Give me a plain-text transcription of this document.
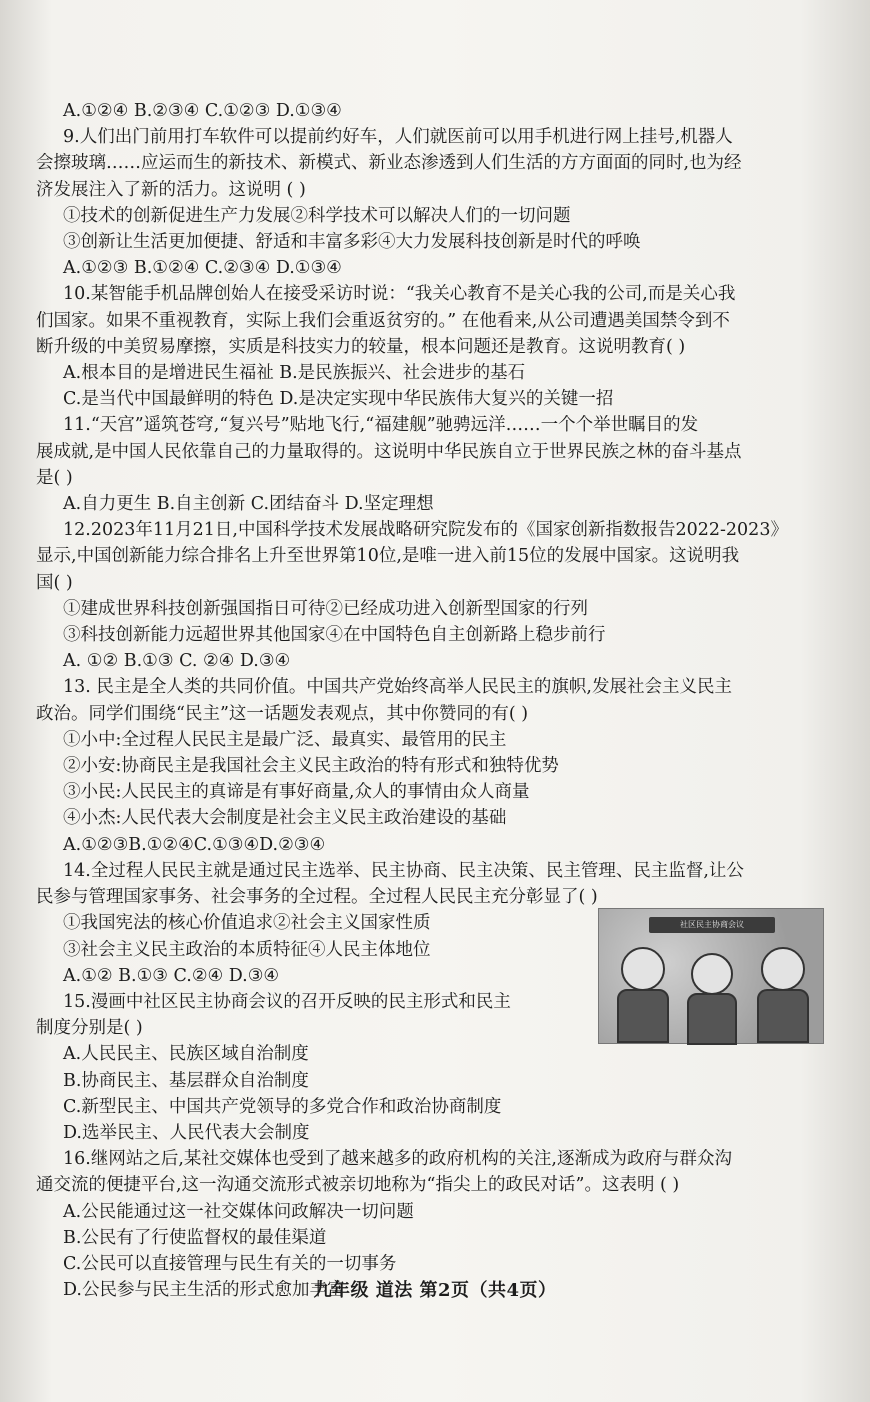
A.①②④ B.②③④ C.①②③ D.①③④
9.人们出门前用打车软件可以提前约好车，人们就医前可以用手机进行网上挂号,机器人
会擦玻璃……应运而生的新技术、新模式、新业态渗透到人们生活的方方面面的同时,也为经
济发展注入了新的活力。这说明 ( )
①技术的创新促进生产力发展②科学技术可以解决人们的一切问题
③创新让生活更加便捷、舒适和丰富多彩④大力发展科技创新是时代的呼唤
A.①②③ B.①②④ C.②③④ D.①③④
10.某智能手机品牌创始人在接受采访时说：“我关心教育不是关心我的公司,而是关心我
们国家。如果不重视教育，实际上我们会重返贫穷的。” 在他看来,从公司遭遇美国禁令到不
断升级的中美贸易摩擦，实质是科技实力的较量，根本问题还是教育。这说明教育( )
A.根本目的是增进民生福祉 B.是民族振兴、社会进步的基石
C.是当代中国最鲜明的特色 D.是决定实现中华民族伟大复兴的关键一招
11.“天宫”遥筑苍穹,“复兴号”贴地飞行,“福建舰”驰骋远洋……一个个举世瞩目的发
展成就,是中国人民依靠自己的力量取得的。这说明中华民族自立于世界民族之林的奋斗基点
是( )
A.自力更生 B.自主创新 C.团结奋斗 D.坚定理想
12.2023年11月21日,中国科学技术发展战略研究院发布的《国家创新指数报告2022-2023》
显示,中国创新能力综合排名上升至世界第10位,是唯一进入前15位的发展中国家。这说明我
国( )
①建成世界科技创新强国指日可待②已经成功进入创新型国家的行列
③科技创新能力远超世界其他国家④在中国特色自主创新路上稳步前行
A. ①② B.①③ C. ②④ D.③④
13. 民主是全人类的共同价值。中国共产党始终高举人民民主的旗帜,发展社会主义民主
政治。同学们围绕“民主”这一话题发表观点，其中你赞同的有( )
①小中:全过程人民民主是最广泛、最真实、最管用的民主
②小安:协商民主是我国社会主义民主政治的特有形式和独特优势
③小民:人民民主的真谛是有事好商量,众人的事情由众人商量
④小杰:人民代表大会制度是社会主义民主政治建设的基础
A.①②③B.①②④C.①③④D.②③④
14.全过程人民民主就是通过民主选举、民主协商、民主决策、民主管理、民主监督,让公
民参与管理国家事务、社会事务的全过程。全过程人民民主充分彰显了( )
①我国宪法的核心价值追求②社会主义国家性质
③社会主义民主政治的本质特征④人民主体地位
A.①② B.①③ C.②④ D.③④
15.漫画中社区民主协商会议的召开反映的民主形式和民主
制度分别是( )
A.人民民主、民族区域自治制度
B.协商民主、基层群众自治制度
C.新型民主、中国共产党领导的多党合作和政治协商制度
D.选举民主、人民代表大会制度
16.继网站之后,某社交媒体也受到了越来越多的政府机构的关注,逐渐成为政府与群众沟
通交流的便捷平台,这一沟通交流形式被亲切地称为“指尖上的政民对话”。这表明 ( )
A.公民能通过这一社交媒体问政解决一切问题
B.公民有了行使监督权的最佳渠道
C.公民可以直接管理与民生有关的一切事务
D.公民参与民主生活的形式愈加丰富
社区民主协商会议
九年级 道法 第2页（共4页）
